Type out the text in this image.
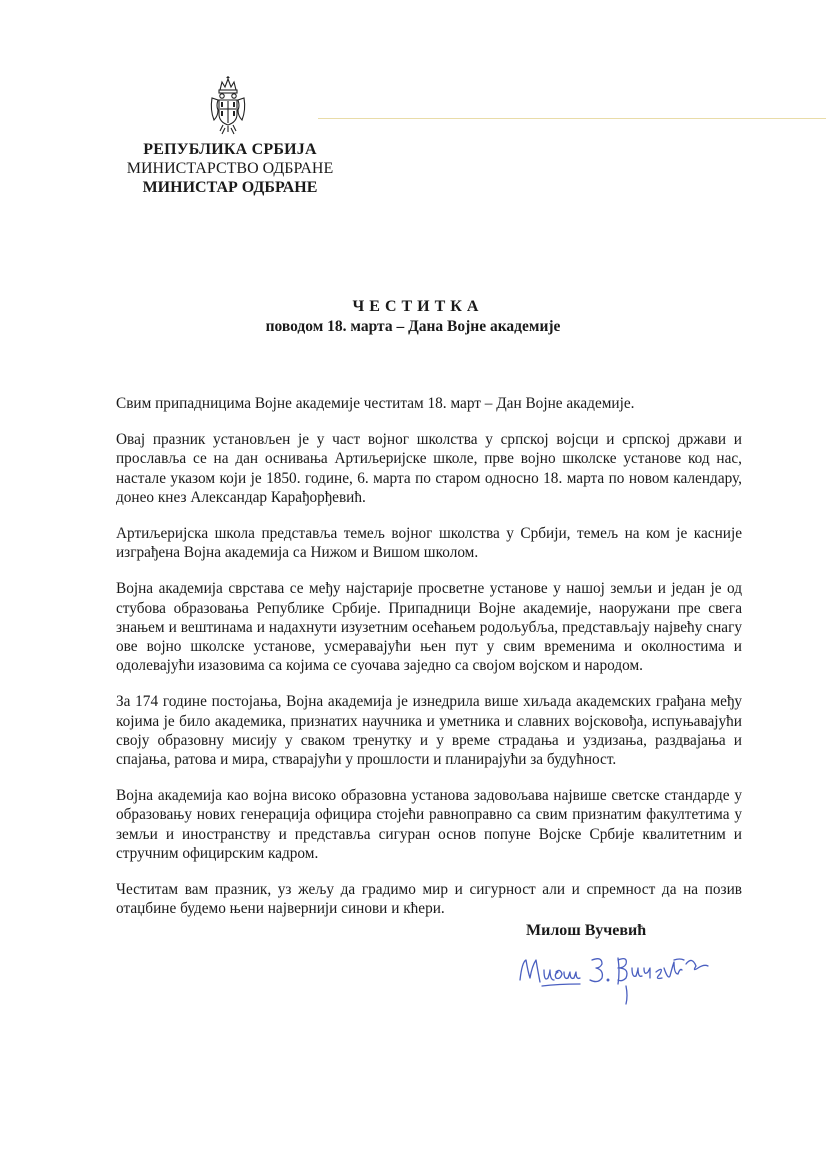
РЕПУБЛИКА СРБИЈА
МИНИСТАРСТВО ОДБРАНЕ
МИНИСТАР ОДБРАНЕ
ЧЕСТИТКА
поводом 18. марта – Дана Војне академије

Свим припадницима Војне академије честитам 18. март – Дан Војне академије.

Овај празник установљен је у част војног школства у српској војсци и српској држави и прославља се на дан оснивања Артиљеријске школе, прве војно школске установе код нас, настале указом који је 1850. године, 6. марта по старом односно 18. марта по новом календару, донео кнез Александар Карађорђевић.

Артиљеријска школа представља темељ војног школства у Србији, темељ на ком је касније изграђена Војна академија са Нижом и Вишом школом.

Војна академија сврстава се међу најстарије просветне установе у нашој земљи и један је од стубова образовања Републике Србије. Припадници Војне академије, наоружани пре свега знањем и вештинама и надахнути изузетним осећањем родољубља, представљају највећу снагу ове војно школске установе, усмеравајући њен пут у свим временима и околностима и одолевајући изазовима са којима се суочава заједно са својом војском и народом.

За 174 године постојања, Војна академија је изнедрила више хиљада академских грађана међу којима је било академика, признатих научника и уметника и славних војсковођа, испуњавајући своју образовну мисију у сваком тренутку и у време страдања и уздизања, раздвајања и спајања, ратова и мира, стварајући у прошлости и планирајући за будућност.

Војна академија као војна високо образовна установа задовољава највише светске стандарде у образовању нових генерација официра стојећи равноправно са свим признатим факултетима у земљи и иностранству и представља сигуран основ попуне Војске Србије квалитетним и стручним официрским кадром.

Честитам вам празник, уз жељу да градимо мир и сигурност али и спремност да на позив отаџбине будемо њени највернији синови и кћери.

Милош Вучевић
